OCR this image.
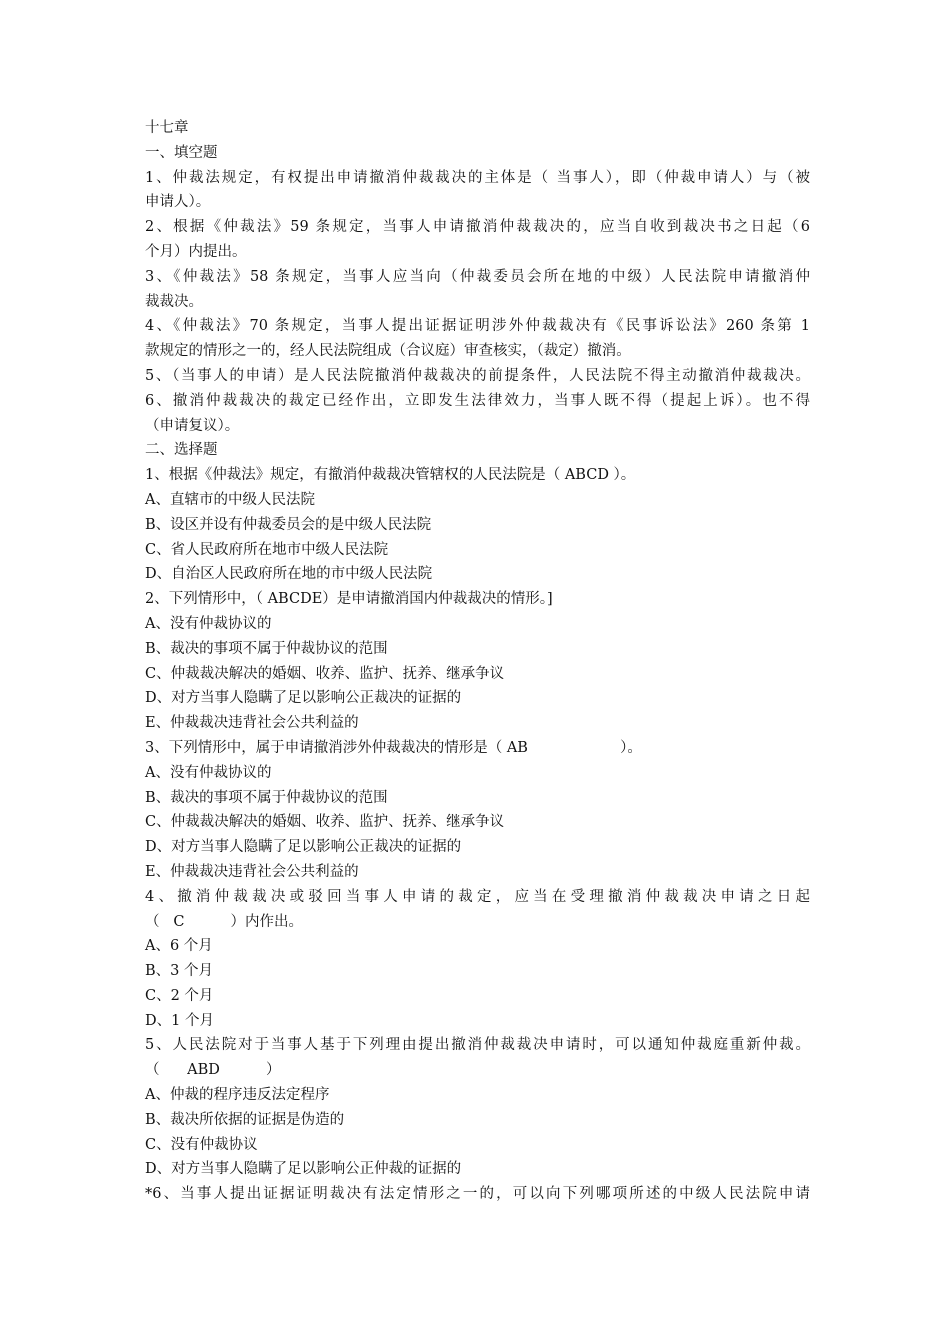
十七章
一、填空题
1、仲裁法规定，有权提出申请撤消仲裁裁决的主体是（ 当事人），即（仲裁申请人）与（被
申请人）。
2、根据《仲裁法》59 条规定，当事人申请撤消仲裁裁决的，应当自收到裁决书之日起（6
个月）内提出。
3、《仲裁法》58 条规定，当事人应当向（仲裁委员会所在地的中级）人民法院申请撤消仲
裁裁决。
4、《仲裁法》70 条规定，当事人提出证据证明涉外仲裁裁决有《民事诉讼法》260 条第 1
款规定的情形之一的，经人民法院组成（合议庭）审查核实，（裁定）撤消。
5、（当事人的申请）是人民法院撤消仲裁裁决的前提条件，人民法院不得主动撤消仲裁裁决。
6、撤消仲裁裁决的裁定已经作出，立即发生法律效力，当事人既不得（提起上诉）。也不得
（申请复议）。
二、选择题
1、根据《仲裁法》规定，有撤消仲裁裁决管辖权的人民法院是（ ABCD ）。
A、直辖市的中级人民法院
B、设区并设有仲裁委员会的是中级人民法院
C、省人民政府所在地市中级人民法院
D、自治区人民政府所在地的市中级人民法院
2、下列情形中，（ ABCDE）是申请撤消国内仲裁裁决的情形。]
A、没有仲裁协议的
B、裁决的事项不属于仲裁协议的范围
C、仲裁裁决解决的婚姻、收养、监护、抚养、继承争议
D、对方当事人隐瞒了足以影响公正裁决的证据的
E、仲裁裁决违背社会公共利益的
3、下列情形中，属于申请撤消涉外仲裁裁决的情形是（ AB                    ）。
A、没有仲裁协议的
B、裁决的事项不属于仲裁协议的范围
C、仲裁裁决解决的婚姻、收养、监护、抚养、继承争议
D、对方当事人隐瞒了足以影响公正裁决的证据的
E、仲裁裁决违背社会公共利益的
4、撤消仲裁裁决或驳回当事人申请的裁定，应当在受理撤消仲裁裁决申请之日起
（   C          ）内作出。
A、6 个月
B、3 个月
C、2 个月
D、1 个月
5、人民法院对于当事人基于下列理由提出撤消仲裁裁决申请时，可以通知仲裁庭重新仲裁。
（      ABD          ）
A、仲裁的程序违反法定程序
B、裁决所依据的证据是伪造的
C、没有仲裁协议
D、对方当事人隐瞒了足以影响公正仲裁的证据的
*6、当事人提出证据证明裁决有法定情形之一的，可以向下列哪项所述的中级人民法院申请
